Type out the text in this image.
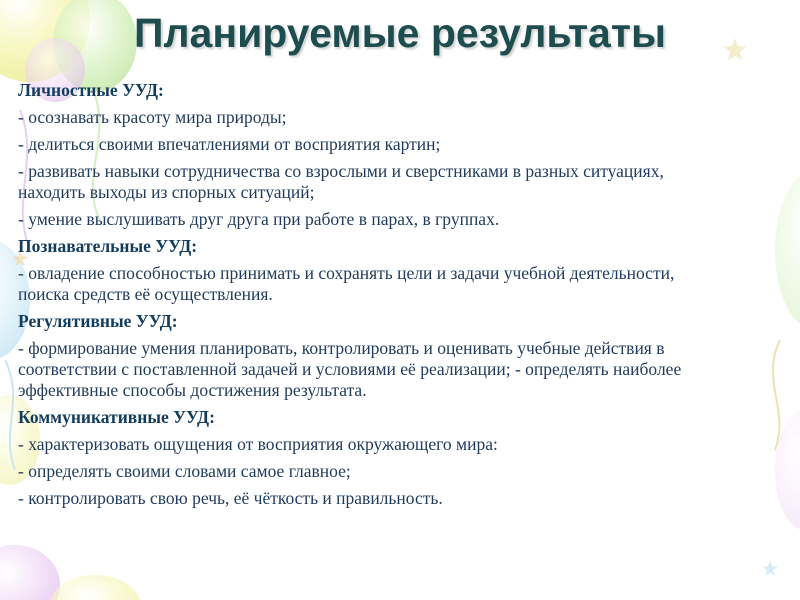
Планируемые результаты

Личностные УУД:

- осознавать красоту мира природы;

- делиться своими впечатлениями от восприятия картин;

- развивать навыки сотрудничества со взрослыми и сверстниками в разных ситуациях, находить выходы из спорных ситуаций;

- умение выслушивать друг друга при работе в парах, в группах.

Познавательные УУД:

- овладение способностью принимать и сохранять цели и задачи учебной деятельности, поиска средств её осуществления.

Регулятивные УУД:

- формирование умения планировать, контролировать и оценивать учебные действия в соответствии с поставленной задачей и условиями её реализации; - определять наиболее эффективные способы достижения результата.

Коммуникативные УУД:

- характеризовать ощущения от восприятия окружающего мира:

- определять своими словами самое главное;

- контролировать свою речь, её чёткость и правильность.
